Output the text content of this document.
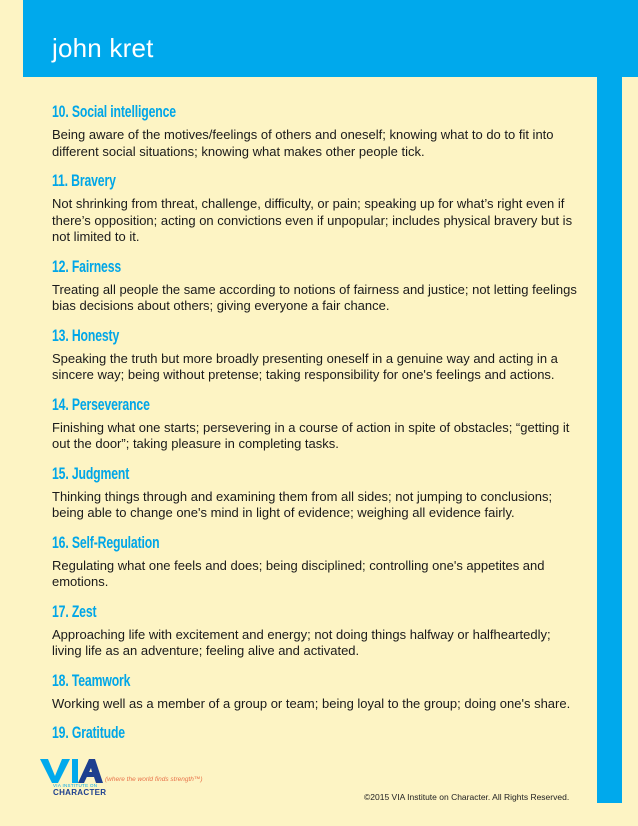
john kret
10. Social intelligence
Being aware of the motives/feelings of others and oneself; knowing what to do to fit into different social situations; knowing what makes other people tick.
11. Bravery
Not shrinking from threat, challenge, difficulty, or pain; speaking up for what’s right even if there’s opposition; acting on convictions even if unpopular; includes physical bravery but is not limited to it.
12. Fairness
Treating all people the same according to notions of fairness and justice; not letting feelings bias decisions about others; giving everyone a fair chance.
13. Honesty
Speaking the truth but more broadly presenting oneself in a genuine way and acting in a sincere way; being without pretense; taking responsibility for one's feelings and actions.
14. Perseverance
Finishing what one starts; persevering in a course of action in spite of obstacles; “getting it out the door”; taking pleasure in completing tasks.
15. Judgment
Thinking things through and examining them from all sides; not jumping to conclusions; being able to change one's mind in light of evidence; weighing all evidence fairly.
16. Self-Regulation
Regulating what one feels and does; being disciplined; controlling one's appetites and emotions.
17. Zest
Approaching life with excitement and energy; not doing things halfway or halfheartedly; living life as an adventure; feeling alive and activated.
18. Teamwork
Working well as a member of a group or team; being loyal to the group; doing one's share.
19. Gratitude
(where the world finds strength™)
VIA INSTITUTE ON
CHARACTER	©2015 VIA Institute on Character. All Rights Reserved.
